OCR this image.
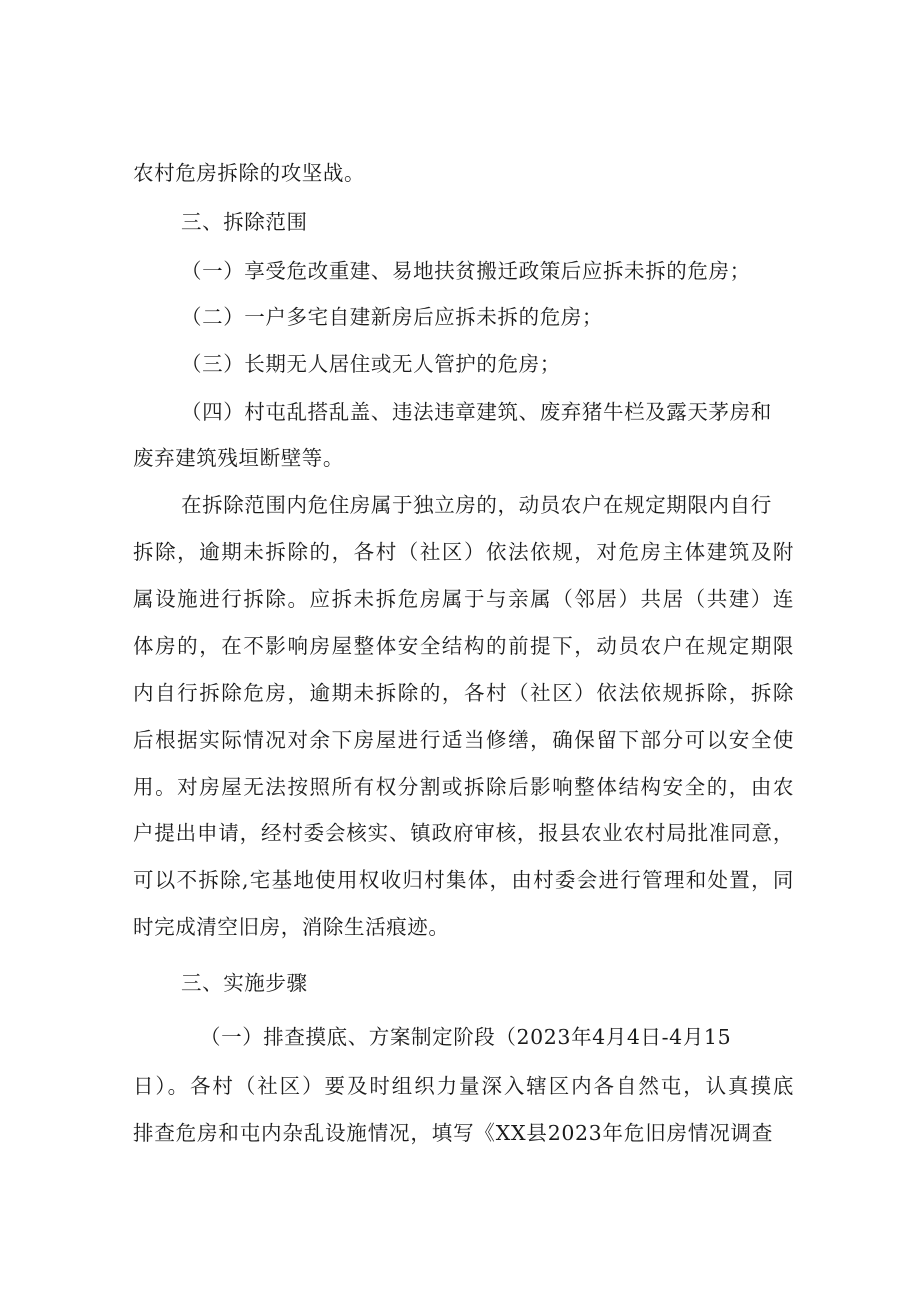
农村危房拆除的攻坚战。
三、拆除范围
（一）享受危改重建、易地扶贫搬迁政策后应拆未拆的危房；
（二）一户多宅自建新房后应拆未拆的危房；
（三）长期无人居住或无人管护的危房；
（四）村屯乱搭乱盖、违法违章建筑、废弃猪牛栏及露天茅房和
废弃建筑残垣断壁等。
在拆除范围内危住房属于独立房的，动员农户在规定期限内自行
拆除，逾期未拆除的，各村（社区）依法依规，对危房主体建筑及附
属设施进行拆除。应拆未拆危房属于与亲属（邻居）共居（共建）连
体房的，在不影响房屋整体安全结构的前提下，动员农户在规定期限
内自行拆除危房，逾期未拆除的，各村（社区）依法依规拆除，拆除
后根据实际情况对余下房屋进行适当修缮，确保留下部分可以安全使
用。对房屋无法按照所有权分割或拆除后影响整体结构安全的，由农
户提出申请，经村委会核实、镇政府审核，报县农业农村局批准同意，
可以不拆除,宅基地使用权收归村集体，由村委会进行管理和处置，同
时完成清空旧房，消除生活痕迹。
三、实施步骤
（一）排查摸底、方案制定阶段（2023年4月4日-4月15
日）。各村（社区）要及时组织力量深入辖区内各自然屯，认真摸底
排查危房和屯内杂乱设施情况，填写《XX县2023年危旧房情况调查
